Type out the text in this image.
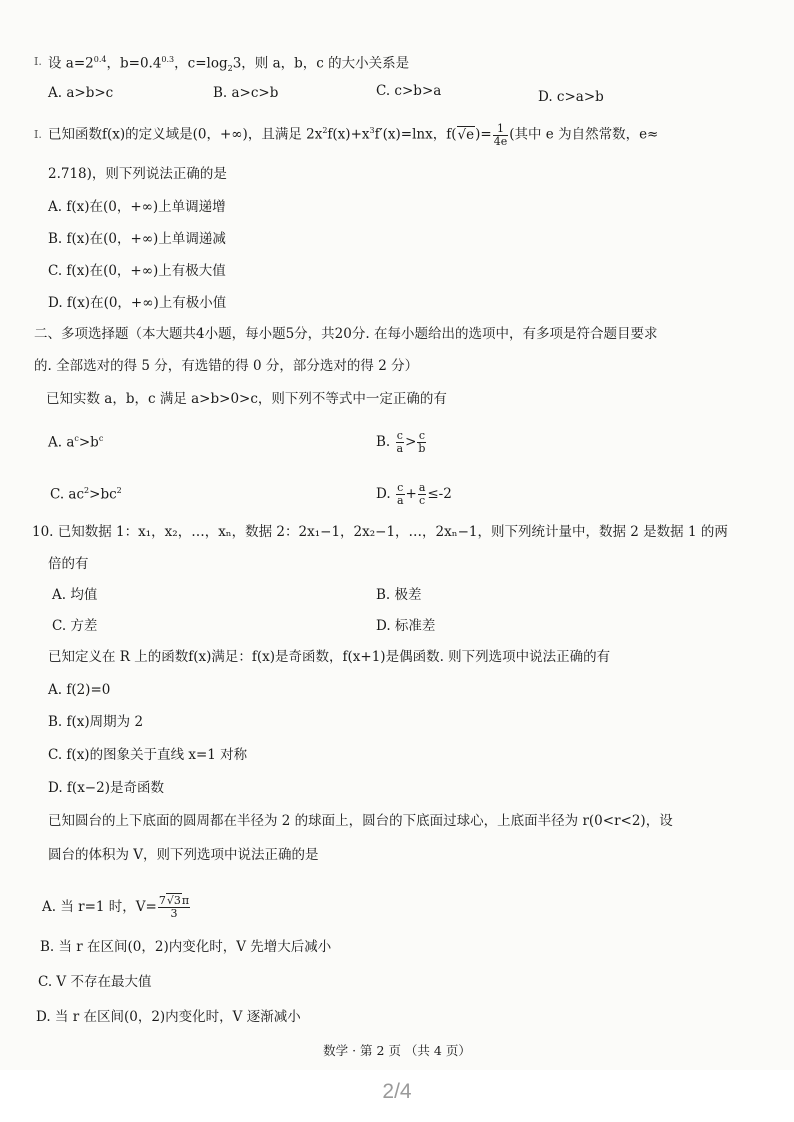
I. 设 $a=2^{0.4}$，$b=0.4^{0.3}$，$c=\log_23$，则 a，b，c 的大小关系是
A. a>b>c	B. a>c>b	C. c>b>a	D. c>a>b
I. 已知函数f(x)的定义域是(0，+∞)，且满足 $2x^2f(x)+x^3f'(x)=\ln x$，$f(√e)= \frac{1}{4e}$ (其中 e 为自然常数，e≈
2.718)，则下列说法正确的是
A. f(x)在(0，+∞)上单调递增
B. f(x)在(0，+∞)上单调递减
C. f(x)在(0，+∞)上有极大值
D. f(x)在(0，+∞)上有极小值
二、多项选择题（本大题共4小题，每小题5分，共20分. 在每小题给出的选项中，有多项是符合题目要求
的. 全部选对的得 5 分，有选错的得 0 分，部分选对的得 2 分）
已知实数 a，b，c 满足 a>b>0>c，则下列不等式中一定正确的有
A. $a^c>b^c$	B. $\frac{c}{a} > \frac{c}{b}$
C. $ac^2>bc^2$	D. $\frac{c}{a} + \frac{a}{c} \le-2$
10. 已知数据 1：x₁，x₂，…，xₙ，数据 2：2x₁−1，2x₂−1，…，2xₙ−1，则下列统计量中，数据 2 是数据 1 的两
倍的有
A. 均值	B. 极差
C. 方差	D. 标准差
已知定义在 R 上的函数f(x)满足：f(x)是奇函数，f(x+1)是偶函数. 则下列选项中说法正确的有
A. f(2)=0
B. f(x)周期为 2
C. f(x)的图象关于直线 x=1 对称
D. f(x−2)是奇函数
已知圆台的上下底面的圆周都在半径为 2 的球面上，圆台的下底面过球心，上底面半径为 r(0<r<2)，设
圆台的体积为 V，则下列选项中说法正确的是
A. 当 r=1 时，$V= \frac{7√3\pi}{3}$
B. 当 r 在区间(0，2)内变化时，V 先增大后减小
C. V 不存在最大值
D. 当 r 在区间(0，2)内变化时，V 逐渐减小
数学 · 第 2 页 （共 4 页）
2/4
